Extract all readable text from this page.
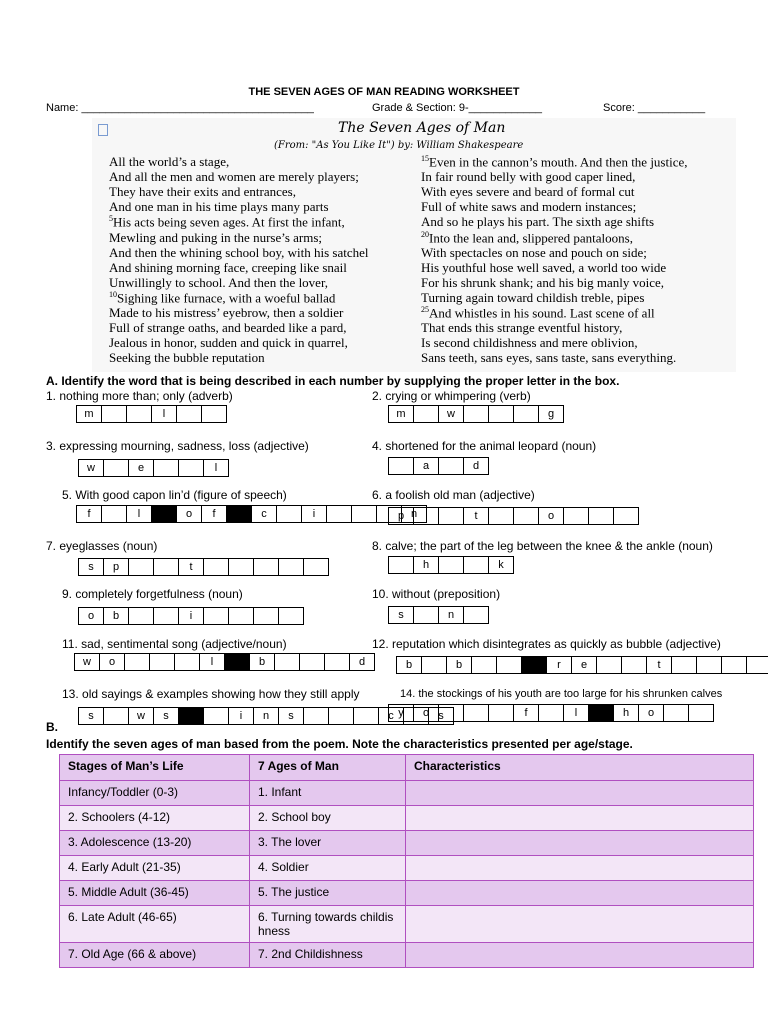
THE SEVEN AGES OF MAN READING WORKSHEET
Name: ______________________________________	Grade & Section: 9-____________	Score: ___________
The Seven Ages of Man
(From: "As You Like It") by: William Shakespeare
All the world’s a stage,
And all the men and women are merely players;
They have their exits and entrances,
And one man in his time plays many parts
$^5$His acts being seven ages. At first the infant,
Mewling and puking in the nurse’s arms;
And then the whining school boy, with his satchel
And shining morning face, creeping like snail
Unwillingly to school. And then the lover,
$^{10}$Sighing like furnace, with a woeful ballad
Made to his mistress’ eyebrow, then a soldier
Full of strange oaths, and bearded like a pard,
Jealous in honor, sudden and quick in quarrel,
Seeking the bubble reputation
$^{15}$Even in the cannon’s mouth. And then the justice,
In fair round belly with good caper lined,
With eyes severe and beard of formal cut
Full of white saws and modern instances;
And so he plays his part. The sixth age shifts
$^{20}$Into the lean and, slippered pantaloons,
With spectacles on nose and pouch on side;
His youthful hose well saved, a world too wide
For his shrunk shank; and his big manly voice,
Turning again toward childish treble, pipes
$^{25}$And whistles in his sound. Last scene of all
That ends this strange eventful history,
Is second childishness and mere oblivion,
Sans teeth, sans eyes, sans taste, sans everything.
A. Identify the word that is being described in each number by supplying the proper letter in the box.
1. nothing more than; only (adverb)
m	l
2. crying or whimpering (verb)
m	w	g
3. expressing mourning, sadness, loss (adjective)
w	e	l
4. shortened for the animal leopard (noun)
a	d
5. With good capon lin’d (figure of speech)
f	l	o	f	c	i	n
6. a foolish old man (adjective)
p	t	o
7. eyeglasses (noun)
s	p	t
8. calve; the part of the leg between the knee & the ankle (noun)
h	k
9. completely forgetfulness (noun)
o	b	i
10. without (preposition)
s	n
11. sad, sentimental song (adjective/noun)
w	o	l	b	d
12. reputation which disintegrates as quickly as bubble (adjective)
b	b	r	e	t
13. old sayings & examples showing how they still apply
s	w	s	i	n	s	c	s
14. the stockings of his youth are too large for his shrunken calves
y	o	f	l	h	o
B.
Identify the seven ages of man based from the poem. Note the characteristics presented per age/stage.
Stages of Man’s Life	7 Ages of Man	Characteristics
Infancy/Toddler (0-3)	1. Infant	
2. Schoolers (4-12)	2. School boy	
3. Adolescence (13-20)	3. The lover	
4. Early Adult (21-35)	4. Soldier	
5. Middle Adult (36-45)	5. The justice	
6. Late Adult (46-65)	6. Turning towards childis hness	
7. Old Age (66 & above)	7. 2nd Childishness	
